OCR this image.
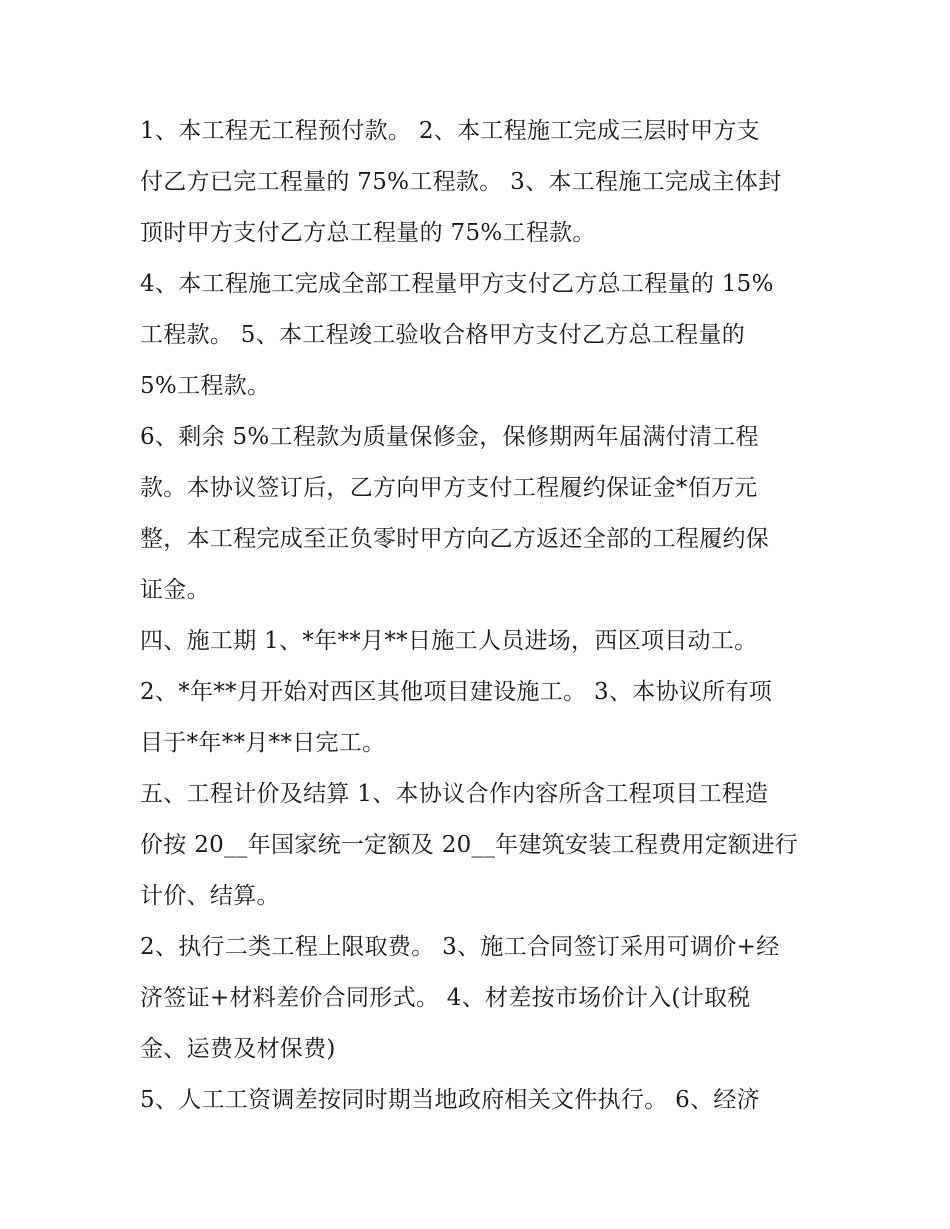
1、本工程无工程预付款。 2、本工程施工完成三层时甲方支
付乙方已完工程量的 75%工程款。 3、本工程施工完成主体封
顶时甲方支付乙方总工程量的 75%工程款。
4、本工程施工完成全部工程量甲方支付乙方总工程量的 15%
工程款。 5、本工程竣工验收合格甲方支付乙方总工程量的
5%工程款。
6、剩余 5%工程款为质量保修金，保修期两年届满付清工程
款。本协议签订后，乙方向甲方支付工程履约保证金*佰万元
整，本工程完成至正负零时甲方向乙方返还全部的工程履约保
证金。
四、施工期 1、*年**月**日施工人员进场，西区项目动工。
2、*年**月开始对西区其他项目建设施工。 3、本协议所有项
目于*年**月**日完工。
五、工程计价及结算 1、本协议合作内容所含工程项目工程造
价按 20__年国家统一定额及 20__年建筑安装工程费用定额进行
计价、结算。
2、执行二类工程上限取费。 3、施工合同签订采用可调价+经
济签证+材料差价合同形式。 4、材差按市场价计入(计取税
金、运费及材保费)
5、人工工资调差按同时期当地政府相关文件执行。 6、经济
